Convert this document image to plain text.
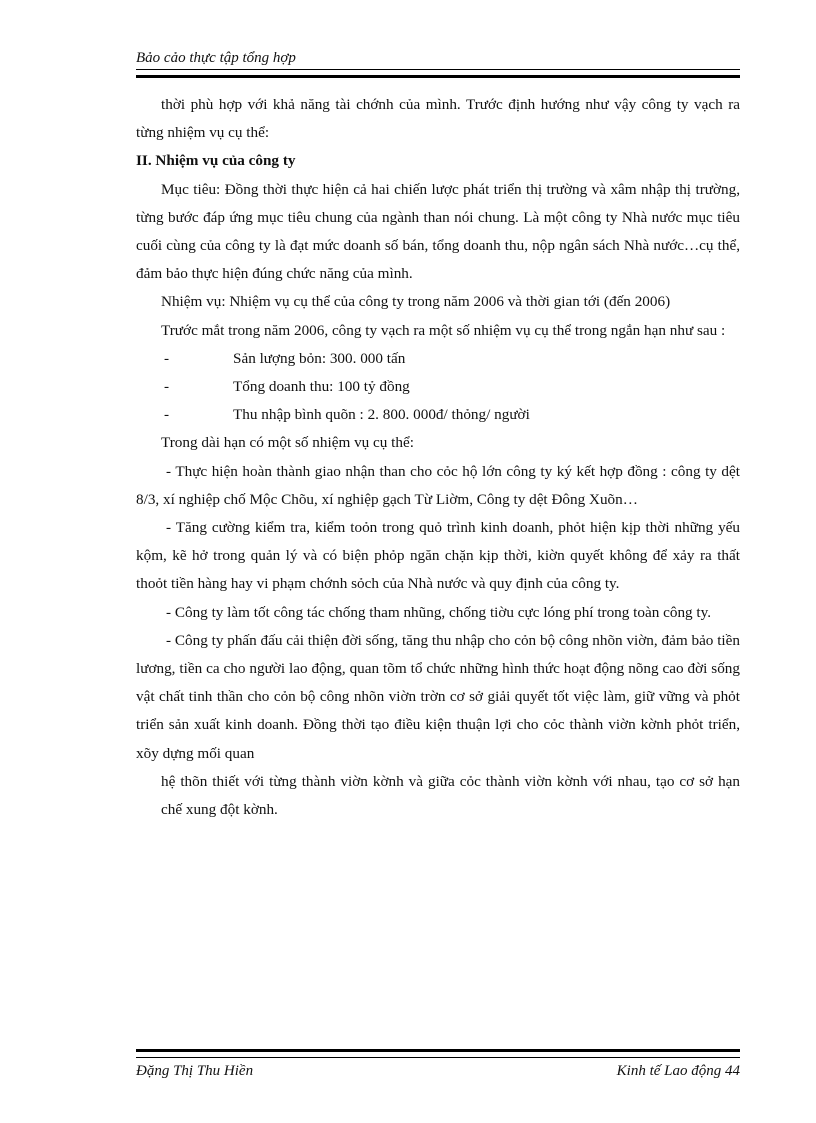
Bảo cảo thực tập tổng hợp

thời phù hợp với khả năng tài chớnh của mình. Trước định hướng như vậy công ty vạch ra từng nhiệm vụ cụ thể:

II. Nhiệm vụ của công ty

Mục tiêu: Đồng thời thực hiện cả hai chiến lược phát triển thị trường và xâm nhập thị trường, từng bước đáp ứng mục tiêu chung của ngành than nói chung. Là một công ty Nhà nước mục tiêu cuối cùng của công ty là đạt mức doanh số bán, tổng doanh thu, nộp ngân sách Nhà nước…cụ thể, đảm bảo thực hiện đúng chức năng của mình.

Nhiệm vụ: Nhiệm vụ cụ thể của công ty trong năm 2006 và thời gian tới (đến 2006)

Trước mắt trong năm 2006, công ty vạch ra một số nhiệm vụ cụ thể trong ngắn hạn như sau :

-	Sản lượng bỏn: 300. 000 tấn
-	Tổng doanh thu: 100 tỷ đồng
-	Thu nhập bình quõn : 2. 800. 000đ/ thỏng/ người

Trong dài hạn có một số nhiệm vụ cụ thể:

- Thực hiện hoàn thành giao nhận than cho cỏc hộ lớn công ty ký kết hợp đồng : công ty dệt 8/3, xí nghiệp chố Mộc Chõu, xí nghiệp gạch Từ Liờm, Công ty dệt Đông Xuõn…

- Tăng cường kiểm tra, kiểm toỏn trong quỏ trình kinh doanh, phỏt hiện kịp thời những yếu kộm, kẽ hở trong quản lý và có biện phỏp ngăn chặn kịp thời, kiờn quyết không để xảy ra thất thoỏt tiền hàng hay vi phạm chớnh sỏch của Nhà nước và quy định của công ty.

- Công ty làm tốt công tác chống tham nhũng, chống tiờu cực lóng phí trong toàn công ty.

- Công ty phấn đấu cải thiện đời sống, tăng thu nhập cho cỏn bộ công nhõn viờn, đảm bảo tiền lương, tiền ca cho người lao động, quan tõm tổ chức những hình thức hoạt động nõng cao đời sống vật chất tinh thần cho cỏn bộ công nhõn viờn trờn cơ sở giải quyết tốt việc làm, giữ vững và phỏt triển sản xuất kinh doanh. Đồng thời tạo điều kiện thuận lợi cho cỏc thành viờn kờnh phỏt triển, xõy dựng mối quan

hệ thõn thiết với từng thành viờn kờnh và giữa cỏc thành viờn kờnh với nhau, tạo cơ sở hạn chế xung đột kờnh.

Đặng Thị Thu Hiền	Kinh tế Lao động 44
